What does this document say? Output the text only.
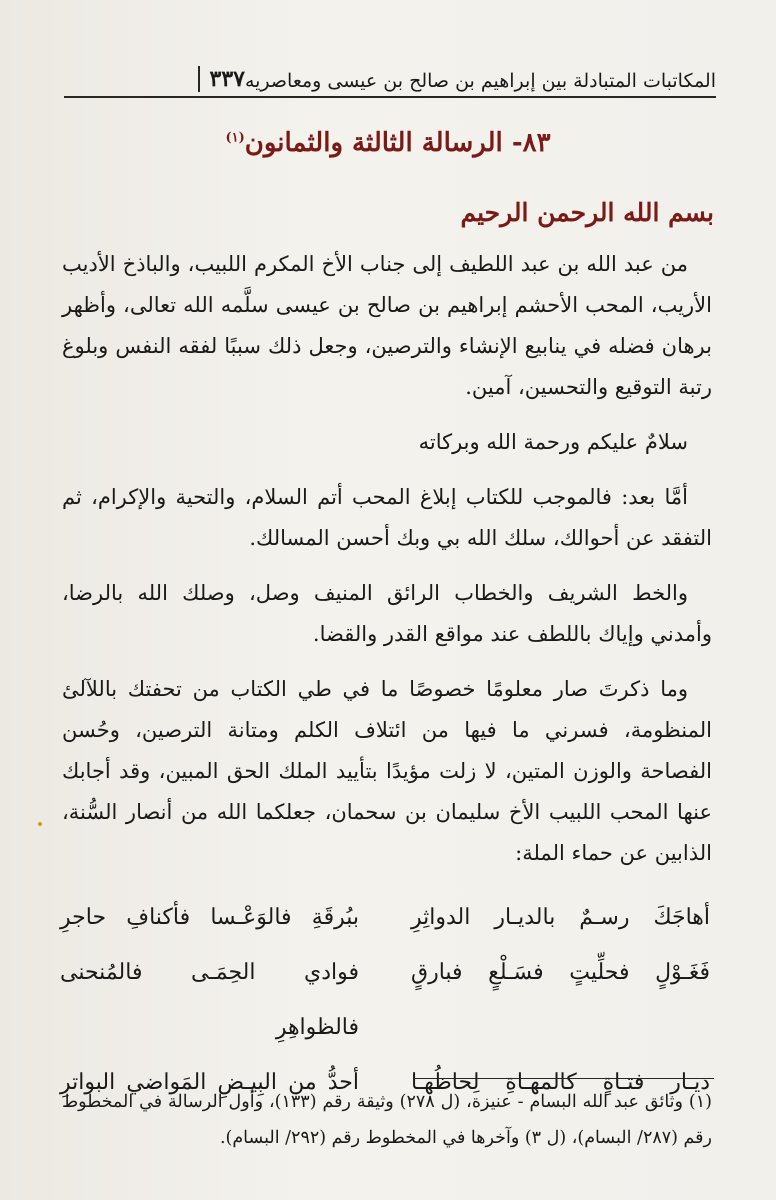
المكاتبات المتبادلة بين إبراهيم بن صالح بن عيسى ومعاصريه
٣٣٧
٨٣- الرسالة الثالثة والثمانون$^{(١)}$
بسم الله الرحمن الرحيم

من عبد الله بن عبد اللطيف إلى جناب الأخ المكرم اللبيب، والباذخ الأديب الأريب، المحب الأحشم إبراهيم بن صالح بن عيسى سلَّمه الله تعالى، وأظهر برهان فضله في ينابيع الإنشاء والترصين، وجعل ذلك سببًا لفقه النفس وبلوغ رتبة التوقيع والتحسين، آمين.

سلامٌ عليكم ورحمة الله وبركاته

أمَّا بعد: فالموجب للكتاب إبلاغ المحب أتم السلام، والتحية والإكرام، ثم التفقد عن أحوالك، سلك الله بي وبك أحسن المسالك.

والخط الشريف والخطاب الرائق المنيف وصل، وصلك الله بالرضا، وأمدني وإياك باللطف عند مواقع القدر والقضا.

وما ذكرتَ صار معلومًا خصوصًا ما في طي الكتاب من تحفتك باللآلئ المنظومة، فسرني ما فيها من ائتلاف الكلم ومتانة الترصين، وحُسن الفصاحة والوزن المتين، لا زلت مؤيدًا بتأييد الملك الحق المبين، وقد أجابك عنها المحب اللبيب الأخ سليمان بن سحمان، جعلكما الله من أنصار السُّنة، الذابين عن حماء الملة:

أهاجَكَ رسـمٌ بالديـار الدواثِرِ
ببُرقَةِ فالوَعْـسا فأكنافِ حاجرِ
فَغَـوْلٍ فحلِّيتٍ فسَـلْعٍ فبارقٍ
فوادي الحِمَـى فالمُنحنى فالظواهِرِ
ديـار فتـاةٍ كالمهـاةِ لِحاظُهـا
أحدُّ من البِيـضِ المَواضي البواترِ
(١) وثائق عبد الله البسام - عنيزة، (ل ٢٧٨) وثيقة رقم (١٣٣)، وأول الرسالة في المخطوط رقم (٢٨٧/ البسام)، (ل ٣) وآخرها في المخطوط رقم (٢٩٢/ البسام).
